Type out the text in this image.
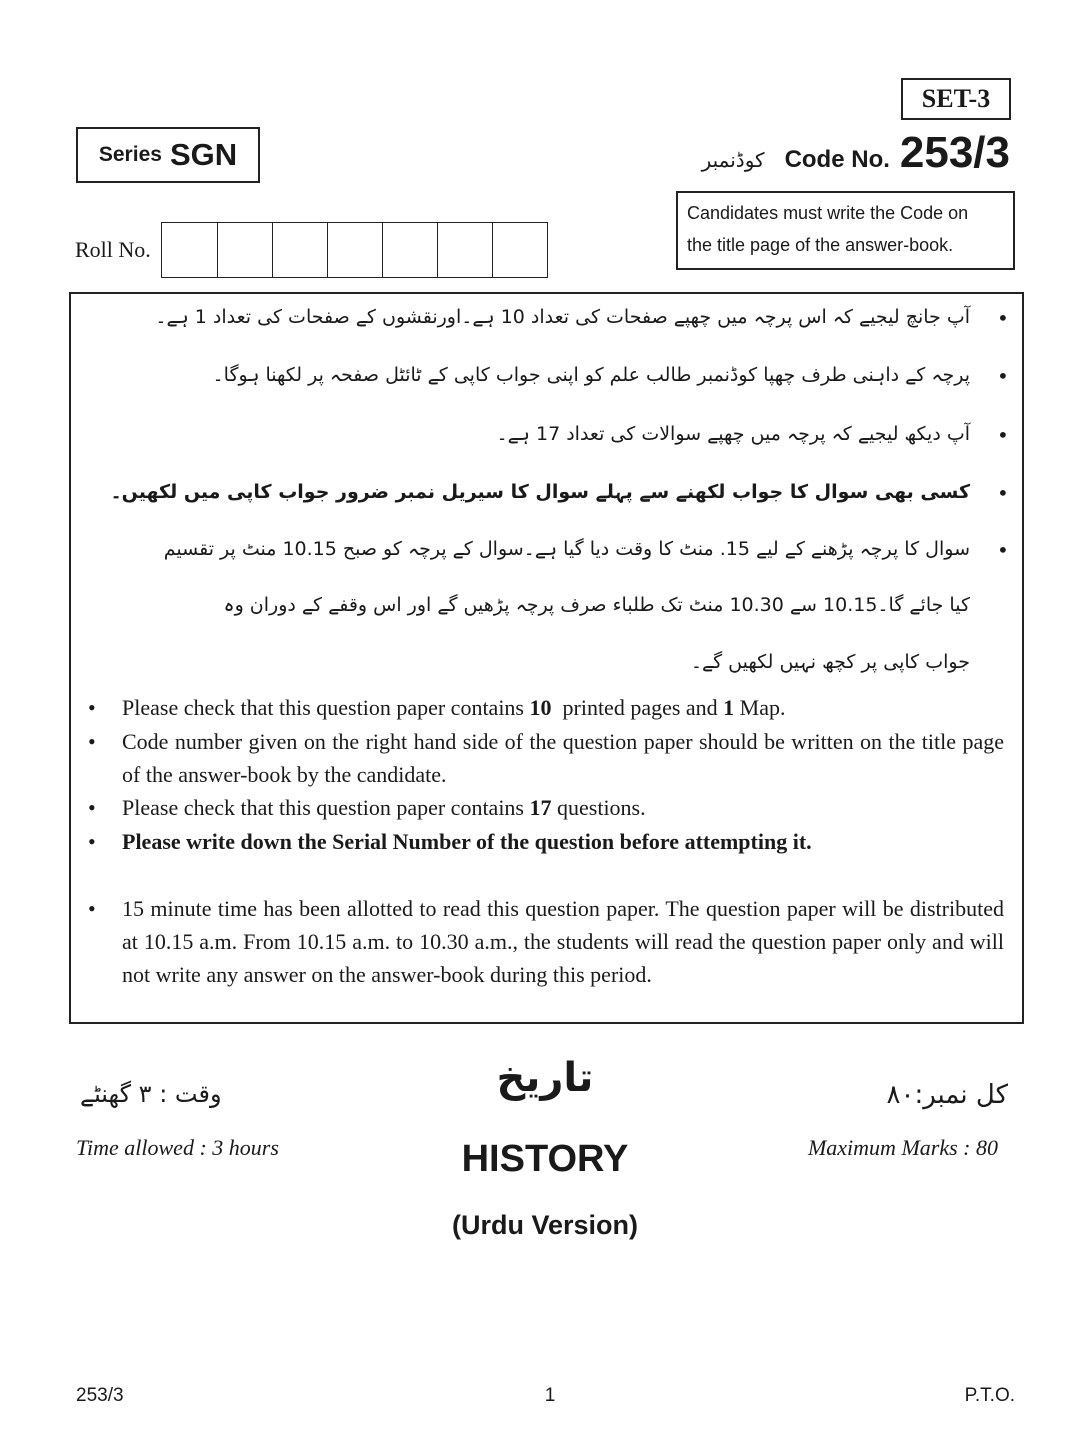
SET-3
Series SGN	کوڈنمبر Code No. 253/3
Candidates must write the Code on
the title page of the answer-book.
Roll No.
•
آپ جانچ لیجیے کہ اس پرچہ میں چھپے صفحات کی تعداد 10 ہے۔اورنقشوں کے صفحات کی تعداد 1 ہے۔
•
پرچہ کے داہنی طرف چھپا کوڈنمبر طالب علم کو اپنی جواب کاپی کے ٹائٹل صفحہ پر لکھنا ہوگا۔
•
آپ دیکھ لیجیے کہ پرچہ میں چھپے سوالات کی تعداد 17 ہے۔
•
کسی بھی سوال کا جواب لکھنے سے پہلے سوال کا سیریل نمبر ضرور جواب کاپی میں لکھیں۔
•
سوال کا پرچہ پڑھنے کے لیے 15. منٹ کا وقت دیا گیا ہے۔سوال کے پرچہ کو صبح 10.15 منٹ پر تقسیم
کیا جائے گا۔10.15 سے 10.30 منٹ تک طلباء صرف پرچہ پڑھیں گے اور اس وقفے کے دوران وہ
جواب کاپی پر کچھ نہیں لکھیں گے۔
• Please check that this question paper contains 10  printed pages and 1 Map.
• Code number given on the right hand side of the question paper should be written on the title page of the answer-book by the candidate.
• Please check that this question paper contains 17 questions.
• Please write down the Serial Number of the question before attempting it.
• 15 minute time has been allotted to read this question paper. The question paper will be distributed at 10.15 a.m. From 10.15 a.m. to 10.30 a.m., the students will read the question paper only and will not write any answer on the answer-book during this period.
تاریخ
HISTORY
(Urdu Version)
وقت : ۳ گھنٹے	کل نمبر:۸۰
Time allowed : 3 hours	Maximum Marks : 80
253/3	1	P.T.O.
